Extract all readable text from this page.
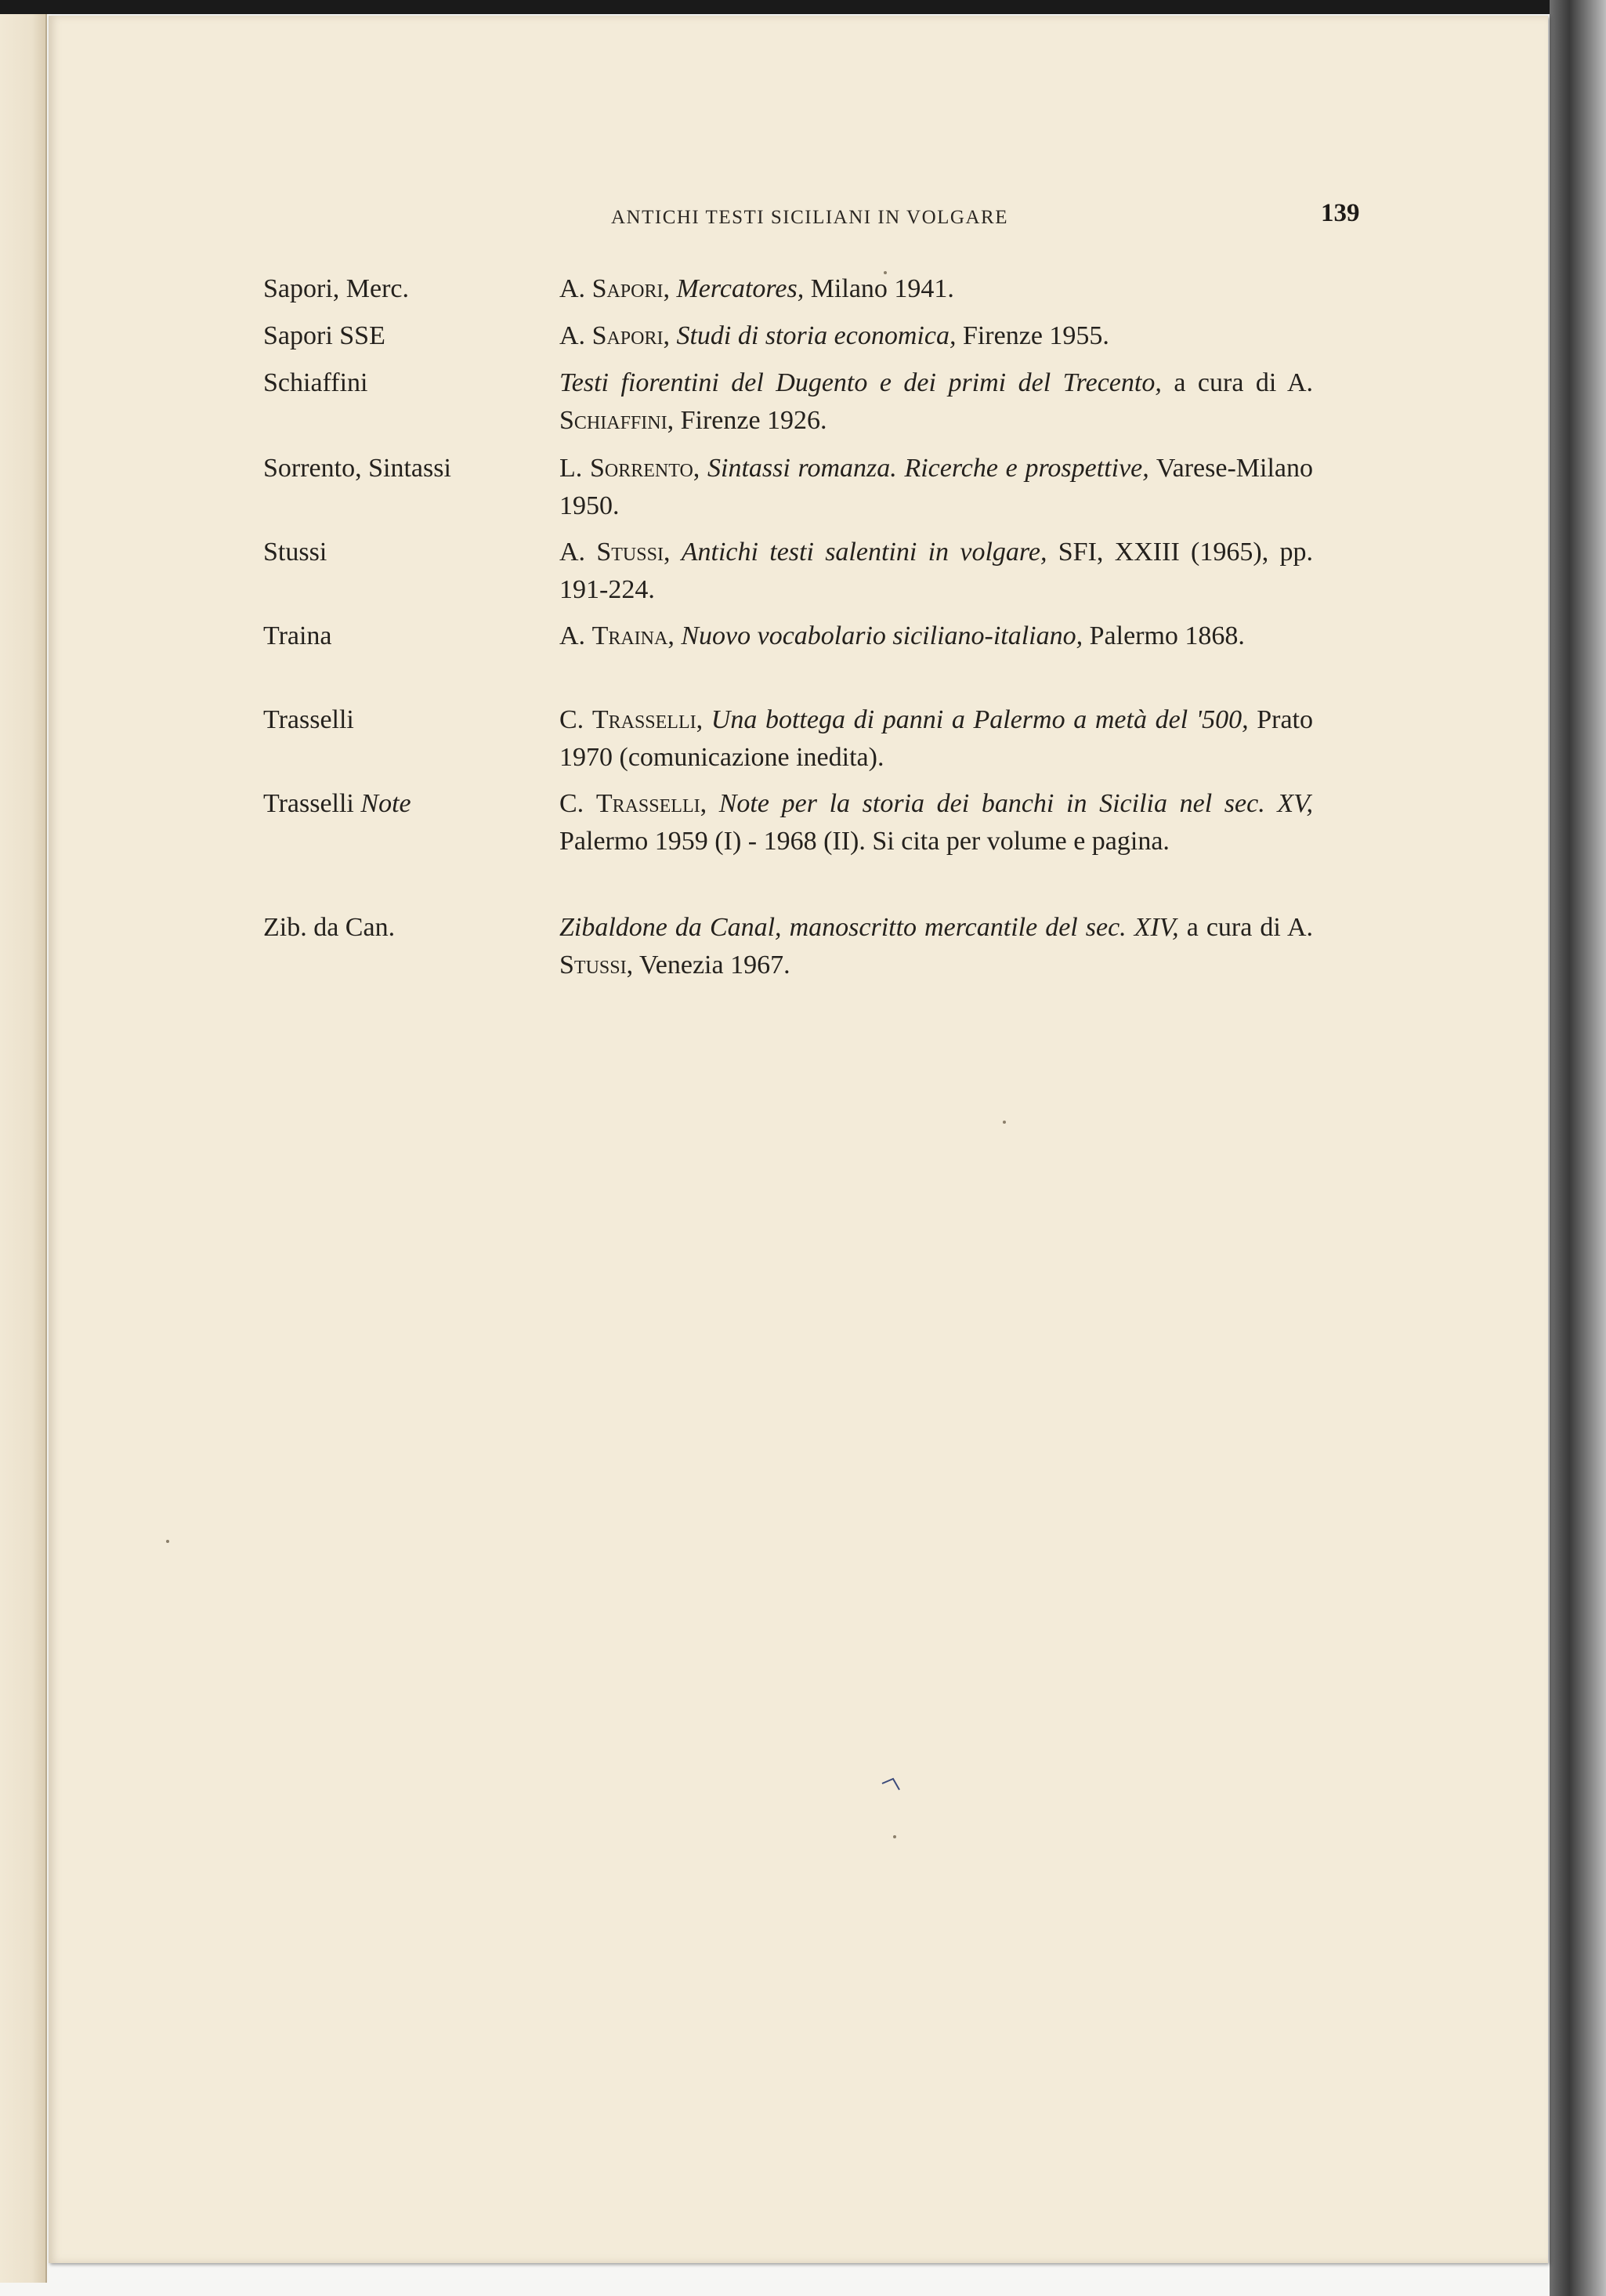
ANTICHI TESTI SICILIANI IN VOLGARE	139
Sapori, Merc.	A. Sapori, Mercatores, Milano 1941.
Sapori SSE	A. Sapori, Studi di storia economica, Firenze 1955.
Schiaffini	Testi fiorentini del Dugento e dei primi del Trecento, a cura di A. Schiaffini, Firenze 1926.
Sorrento, Sintassi	L. Sorrento, Sintassi romanza. Ricerche e prospettive, Varese-Milano 1950.
Stussi	A. Stussi, Antichi testi salentini in volgare, SFI, XXIII (1965), pp. 191-224.
Traina	A. Traina, Nuovo vocabolario siciliano-italiano, Palermo 1868.
Trasselli	C. Trasselli, Una bottega di panni a Palermo a metà del '500, Prato 1970 (comunicazione inedita).
Trasselli Note	C. Trasselli, Note per la storia dei banchi in Sicilia nel sec. XV, Palermo 1959 (I) - 1968 (II). Si cita per volume e pagina.
Zib. da Can.	Zibaldone da Canal, manoscritto mercantile del sec. XIV, a cura di A. Stussi, Venezia 1967.
